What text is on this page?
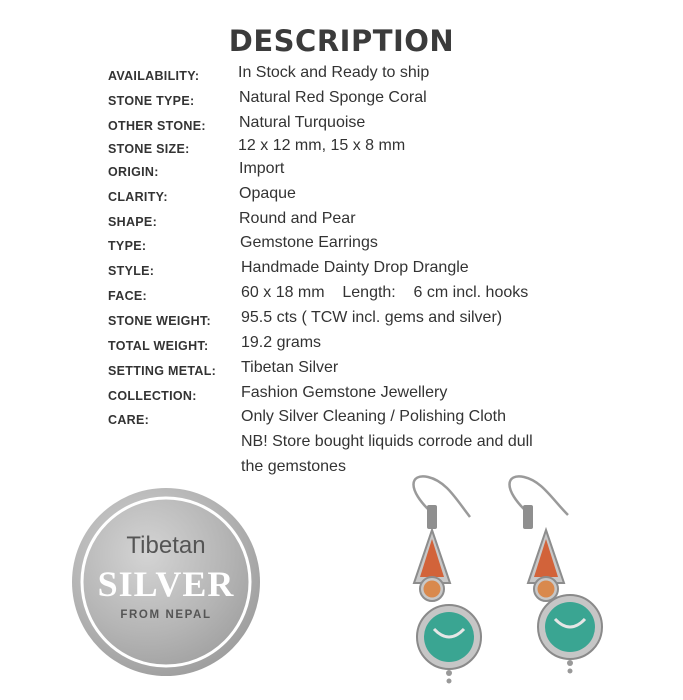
DESCRIPTION
AVAILABILITY: In Stock and Ready to ship
STONE TYPE:	Natural Red Sponge Coral
OTHER STONE: Natural Turquoise
STONE SIZE:	12 x 12 mm, 15 x 8 mm
ORIGIN:	Import
CLARITY:	Opaque
SHAPE:	Round and Pear
TYPE:	Gemstone Earrings
STYLE:	Handmade Dainty Drop Drangle
FACE:	60 x 18 mm    Length:    6 cm incl. hooks
STONE WEIGHT: 95.5 cts ( TCW incl. gems and silver)
TOTAL WEIGHT: 19.2 grams
SETTING METAL: Tibetan Silver
COLLECTION:	Fashion Gemstone Jewellery
CARE:	Only Silver Cleaning / Polishing Cloth
NB! Store bought liquids corrode and dull
the gemstones
Tibetan
SILVER
FROM NEPAL
